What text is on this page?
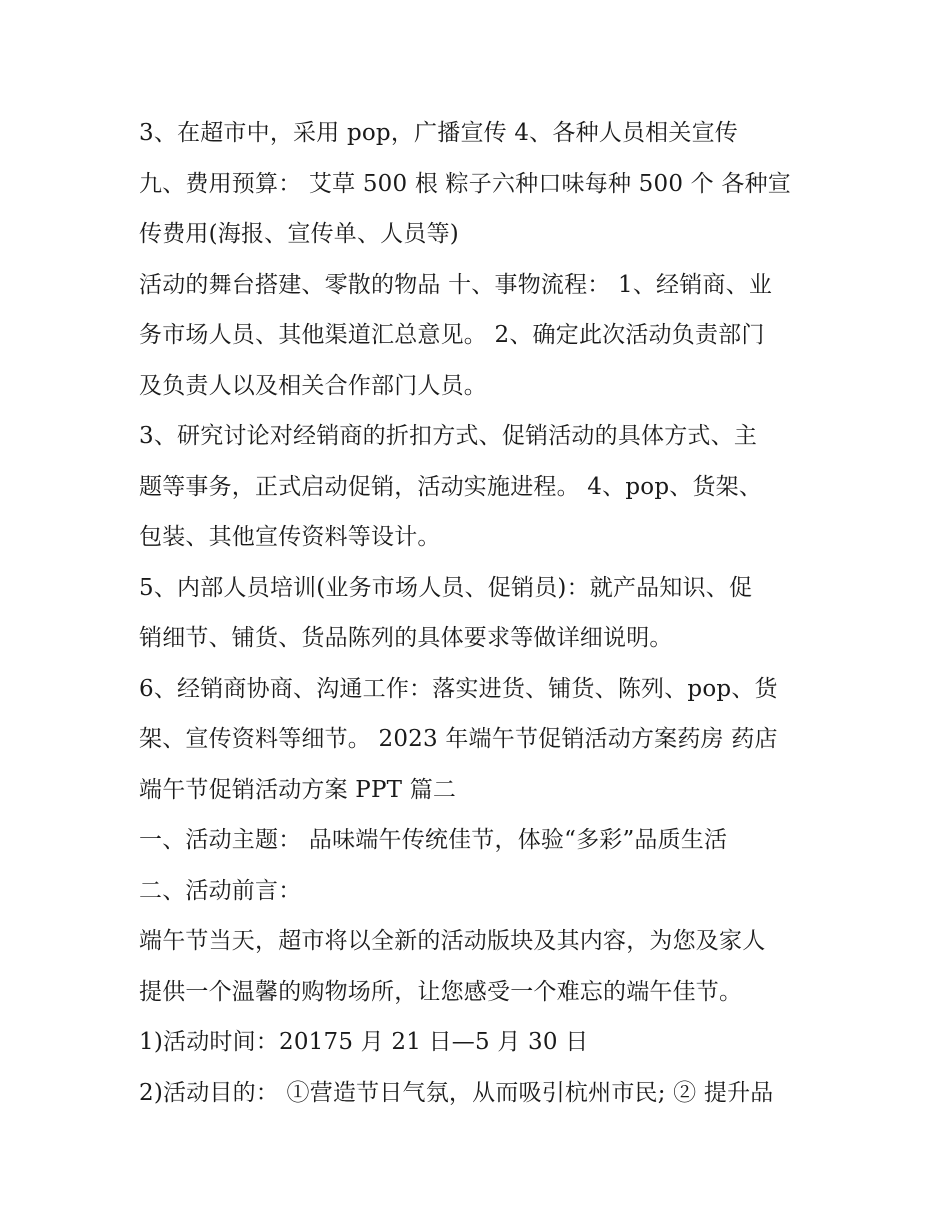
3、在超市中，采用 pop，广播宣传 4、各种人员相关宣传
九、费用预算： 艾草 500 根 粽子六种口味每种 500 个 各种宣
传费用(海报、宣传单、人员等)
活动的舞台搭建、零散的物品 十、事物流程： 1、经销商、业
务市场人员、其他渠道汇总意见。 2、确定此次活动负责部门
及负责人以及相关合作部门人员。
3、研究讨论对经销商的折扣方式、促销活动的具体方式、主
题等事务，正式启动促销，活动实施进程。 4、pop、货架、
包装、其他宣传资料等设计。
5、内部人员培训(业务市场人员、促销员)：就产品知识、促
销细节、铺货、货品陈列的具体要求等做详细说明。
6、经销商协商、沟通工作：落实进货、铺货、陈列、pop、货
架、宣传资料等细节。 2023 年端午节促销活动方案药房 药店
端午节促销活动方案 PPT 篇二
一、活动主题： 品味端午传统佳节，体验“多彩”品质生活
二、活动前言：
端午节当天，超市将以全新的活动版块及其内容，为您及家人
提供一个温馨的购物场所，让您感受一个难忘的端午佳节。
1)活动时间：20175 月 21 日—5 月 30 日
2)活动目的： ①营造节日气氛，从而吸引杭州市民; ② 提升品
